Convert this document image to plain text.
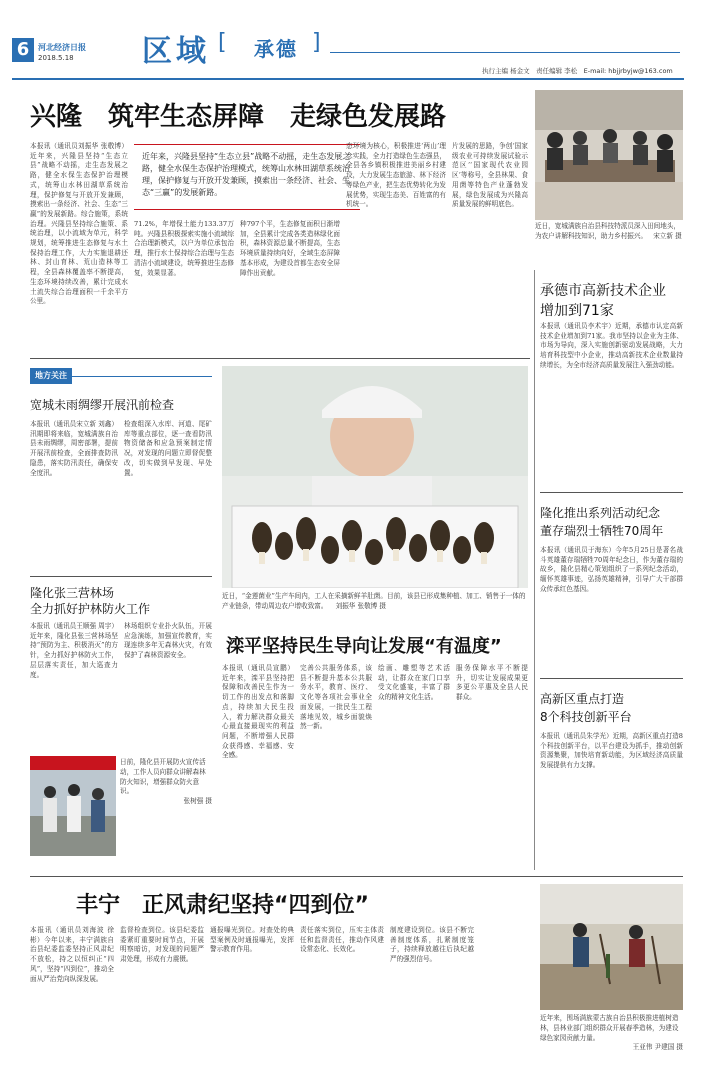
6	河北经济日报
2018.5.18 区域 [ 承德 ]
执行主编 杨金文　责任编辑 李松　E-mail: hbjjrbyjw@163.com
兴隆　筑牢生态屏障　走绿色发展路
本报讯（通讯员刘振华 张敬博）近年来，兴隆县坚持“生态立县”战略不动摇，走生态发展之路，健全水保生态保护治理模式，统筹山水林田湖草系统治理，保护修复与开放开发兼顾，摸索出一条经济、社会、生态“三赢”的发展新路。综合施策，系统治理。兴隆县坚持综合施策、系统治理，以小流域为单元，科学规划，统筹推进生态修复与水土保持治理工作，大力实施退耕还林、封山育林、荒山造林等工程，全县森林覆盖率不断提高，生态环境持续改善，累计完成水土流失综合治理面积一千余平方公里。
近年来，兴隆县坚持“生态立县”战略不动摇，走生态发展之路，健全水保生态保护治理模式，统筹山水林田湖草系统治理，保护修复与开放开发兼顾，摸索出一条经济、社会、生态“三赢”的发展新路。
71.2%，年增保土能力133.37万吨。兴隆县积极探索实施小流域综合治理新模式，以户为单位承包治理，推行水土保持综合治理与生态清洁小流域建设，统筹推进生态修复，效果显著。
种797个平，生态修复面积日渐增加，全县累计完成各类造林绿化面积，森林资源总量不断提高，生态环境质量持续向好，全域生态屏障基本形成，为建设首都生态安全屏障作出贡献。
态环境为核心，积极推进‘两山’理念实践，全力打造绿色生态强县，全县各乡镇积极推进美丽乡村建设，大力发展生态旅游、林下经济等绿色产业，把生态优势转化为发展优势，实现生态美、百姓富的有机统一。
片发展的思路，争创‘国家级农业可持续发展试验示范区’‘国家现代农业园区’等称号，全县林果、食用菌等特色产业蓬勃发展，绿色发展成为兴隆高质量发展的鲜明底色。
近日，宽城满族自治县科技特派员深入田间地头，为农户讲解科技知识，助力乡村振兴。 宋立新 摄
承德市高新技术企业
增加到71家
本报讯（通讯员李术宇）近期，承德市认定高新技术企业增加到71家。我市坚持以企业为主体、市场为导向，深入实施创新驱动发展战略，大力培育科技型中小企业，推动高新技术企业数量持续增长，为全市经济高质量发展注入强劲动能。
地方关注
宽城未雨绸缪开展汛前检查
本报讯（通讯员宋立新 刘鑫）汛期即将来临，宽城满族自治县未雨绸缪，周密部署，提前开展汛前检查，全面排查防汛隐患，落实防汛责任，确保安全度汛。
检查组深入水库、河道、尾矿库等重点部位，逐一查看防汛物资储备和应急预案制定情况，对发现的问题立即督促整改，切实做到早发现、早处置。
隆化张三营林场
全力抓好护林防火工作
本报讯（通讯员王顺强 周宇）近年来，隆化县张三营林场坚持“预防为主、积极消灭”的方针，全力抓好护林防火工作，层层落实责任，加大巡查力度。
林场组织专业扑火队伍，开展应急演练，加强宣传教育，实现连续多年无森林火灾，有效保护了森林资源安全。
日前，隆化县开展防火宣传活动，工作人员向群众讲解森林防火知识，增强群众防火意识。
张树强 摄
近日，“金莲菌业”生产车间内，工人在采摘新鲜羊肚菌。目前，该县已形成集种植、加工、销售于一体的产业链条，带动周边农户增收致富。 刘振华 张敬博 摄
滦平坚持民生导向让发展“有温度”
本报讯（通讯员宣鹏）近年来，滦平县坚持把保障和改善民生作为一切工作的出发点和落脚点，持续加大民生投入，着力解决群众最关心最直接最现实的利益问题，不断增强人民群众获得感、幸福感、安全感。
完善公共服务体系，该县不断提升基本公共服务水平，教育、医疗、文化等各项社会事业全面发展，一批民生工程落地见效，城乡面貌焕然一新。
绘画、雕塑等艺术活动，让群众在家门口享受文化盛宴，丰富了群众的精神文化生活。
服务保障水平不断提升，切实让发展成果更多更公平惠及全县人民群众。
隆化推出系列活动纪念
董存瑞烈士牺牲70周年
本报讯（通讯员于海东）今年5月25日是著名战斗英雄董存瑞牺牲70周年纪念日，作为董存瑞的故乡，隆化县精心策划组织了一系列纪念活动，缅怀英雄事迹，弘扬英雄精神，引导广大干部群众传承红色基因。
高新区重点打造
8个科技创新平台
本报讯（通讯员朱学光）近期，高新区重点打造8个科技创新平台，以平台建设为抓手，推动创新资源集聚，加快培育新动能，为区域经济高质量发展提供有力支撑。
丰宁　正风肃纪坚持“四到位”
本报讯（通讯员刘海波 徐彬）今年以来，丰宁满族自治县纪委监委坚持正风肃纪不放松，持之以恒纠正“四风”，坚持“四到位”，推动全面从严治党向纵深发展。
监督检查到位。该县纪委监委紧盯重要时间节点，开展明察暗访，对发现的问题严肃处理，形成有力震慑。
通报曝光到位。对查处的典型案例及时通报曝光，发挥警示教育作用。
责任落实到位，压实主体责任和监督责任，推动作风建设常态化、长效化。
制度建设到位。该县不断完善制度体系，扎紧制度笼子，持续释放越往后执纪越严的强烈信号。
近年来，围场满族蒙古族自治县积极推进植树造林，县林业部门组织群众开展春季造林，为建设绿色家园贡献力量。
王亚伟 尹建国 摄
